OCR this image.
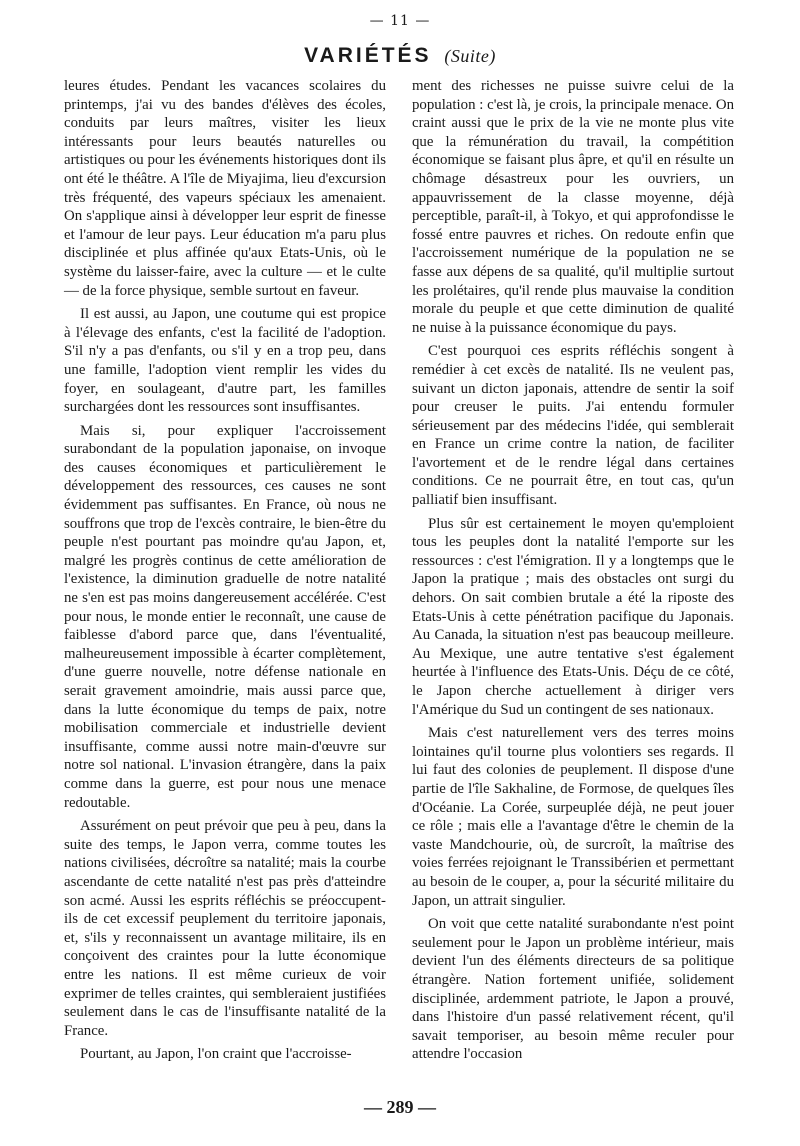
— 11 —
VARIÉTÉS (Suite)

leures études. Pendant les vacances scolaires du printemps, j'ai vu des bandes d'élèves des écoles, conduits par leurs maîtres, visiter les lieux intéressants pour leurs beautés naturelles ou artistiques ou pour les événements historiques dont ils ont été le théâtre. A l'île de Miyajima, lieu d'excursion très fréquenté, des vapeurs spéciaux les amenaient. On s'applique ainsi à développer leur esprit de finesse et l'amour de leur pays. Leur éducation m'a paru plus disciplinée et plus affinée qu'aux Etats-Unis, où le système du laisser-faire, avec la culture — et le culte — de la force physique, semble surtout en faveur.

Il est aussi, au Japon, une coutume qui est propice à l'élevage des enfants, c'est la facilité de l'adoption. S'il n'y a pas d'enfants, ou s'il y en a trop peu, dans une famille, l'adoption vient remplir les vides du foyer, en soulageant, d'autre part, les familles surchargées dont les ressources sont insuffisantes.

Mais si, pour expliquer l'accroissement surabondant de la population japonaise, on invoque des causes économiques et particulièrement le développement des ressources, ces causes ne sont évidemment pas suffisantes. En France, où nous ne souffrons que trop de l'excès contraire, le bien-être du peuple n'est pourtant pas moindre qu'au Japon, et, malgré les progrès continus de cette amélioration de l'existence, la diminution graduelle de notre natalité ne s'en est pas moins dangereusement accélérée. C'est pour nous, le monde entier le reconnaît, une cause de faiblesse d'abord parce que, dans l'éventualité, malheureusement impossible à écarter complètement, d'une guerre nouvelle, notre défense nationale en serait gravement amoindrie, mais aussi parce que, dans la lutte économique du temps de paix, notre mobilisation commerciale et industrielle devient insuffisante, comme aussi notre main-d'œuvre sur notre sol national. L'invasion étrangère, dans la paix comme dans la guerre, est pour nous une menace redoutable.

Assurément on peut prévoir que peu à peu, dans la suite des temps, le Japon verra, comme toutes les nations civilisées, décroître sa natalité; mais la courbe ascendante de cette natalité n'est pas près d'atteindre son acmé. Aussi les esprits réfléchis se préoccupent-ils de cet excessif peuplement du territoire japonais, et, s'ils y reconnaissent un avantage militaire, ils en conçoivent des craintes pour la lutte économique entre les nations. Il est même curieux de voir exprimer de telles craintes, qui sembleraient justifiées seulement dans le cas de l'insuffisante natalité de la France.

Pourtant, au Japon, l'on craint que l'accroisse-

ment des richesses ne puisse suivre celui de la population : c'est là, je crois, la principale menace. On craint aussi que le prix de la vie ne monte plus vite que la rémunération du travail, la compétition économique se faisant plus âpre, et qu'il en résulte un chômage désastreux pour les ouvriers, un appauvrissement de la classe moyenne, déjà perceptible, paraît-il, à Tokyo, et qui approfondisse le fossé entre pauvres et riches. On redoute enfin que l'accroissement numérique de la population ne se fasse aux dépens de sa qualité, qu'il multiplie surtout les prolétaires, qu'il rende plus mauvaise la condition morale du peuple et que cette diminution de qualité ne nuise à la puissance économique du pays.

C'est pourquoi ces esprits réfléchis songent à remédier à cet excès de natalité. Ils ne veulent pas, suivant un dicton japonais, attendre de sentir la soif pour creuser le puits. J'ai entendu formuler sérieusement par des médecins l'idée, qui semblerait en France un crime contre la nation, de faciliter l'avortement et de le rendre légal dans certaines conditions. Ce ne pourrait être, en tout cas, qu'un palliatif bien insuffisant.

Plus sûr est certainement le moyen qu'emploient tous les peuples dont la natalité l'emporte sur les ressources : c'est l'émigration. Il y a longtemps que le Japon la pratique ; mais des obstacles ont surgi du dehors. On sait combien brutale a été la riposte des Etats-Unis à cette pénétration pacifique du Japonais. Au Canada, la situation n'est pas beaucoup meilleure. Au Mexique, une autre tentative s'est également heurtée à l'influence des Etats-Unis. Déçu de ce côté, le Japon cherche actuellement à diriger vers l'Amérique du Sud un contingent de ses nationaux.

Mais c'est naturellement vers des terres moins lointaines qu'il tourne plus volontiers ses regards. Il lui faut des colonies de peuplement. Il dispose d'une partie de l'île Sakhaline, de Formose, de quelques îles d'Océanie. La Corée, surpeuplée déjà, ne peut jouer ce rôle ; mais elle a l'avantage d'être le chemin de la vaste Mandchourie, où, de surcroît, la maîtrise des voies ferrées rejoignant le Transsibérien et permettant au besoin de le couper, a, pour la sécurité militaire du Japon, un attrait singulier.

On voit que cette natalité surabondante n'est point seulement pour le Japon un problème intérieur, mais devient l'un des éléments directeurs de sa politique étrangère. Nation fortement unifiée, solidement disciplinée, ardemment patriote, le Japon a prouvé, dans l'histoire d'un passé relativement récent, qu'il savait temporiser, au besoin même reculer pour attendre l'occasion

— 289 —
